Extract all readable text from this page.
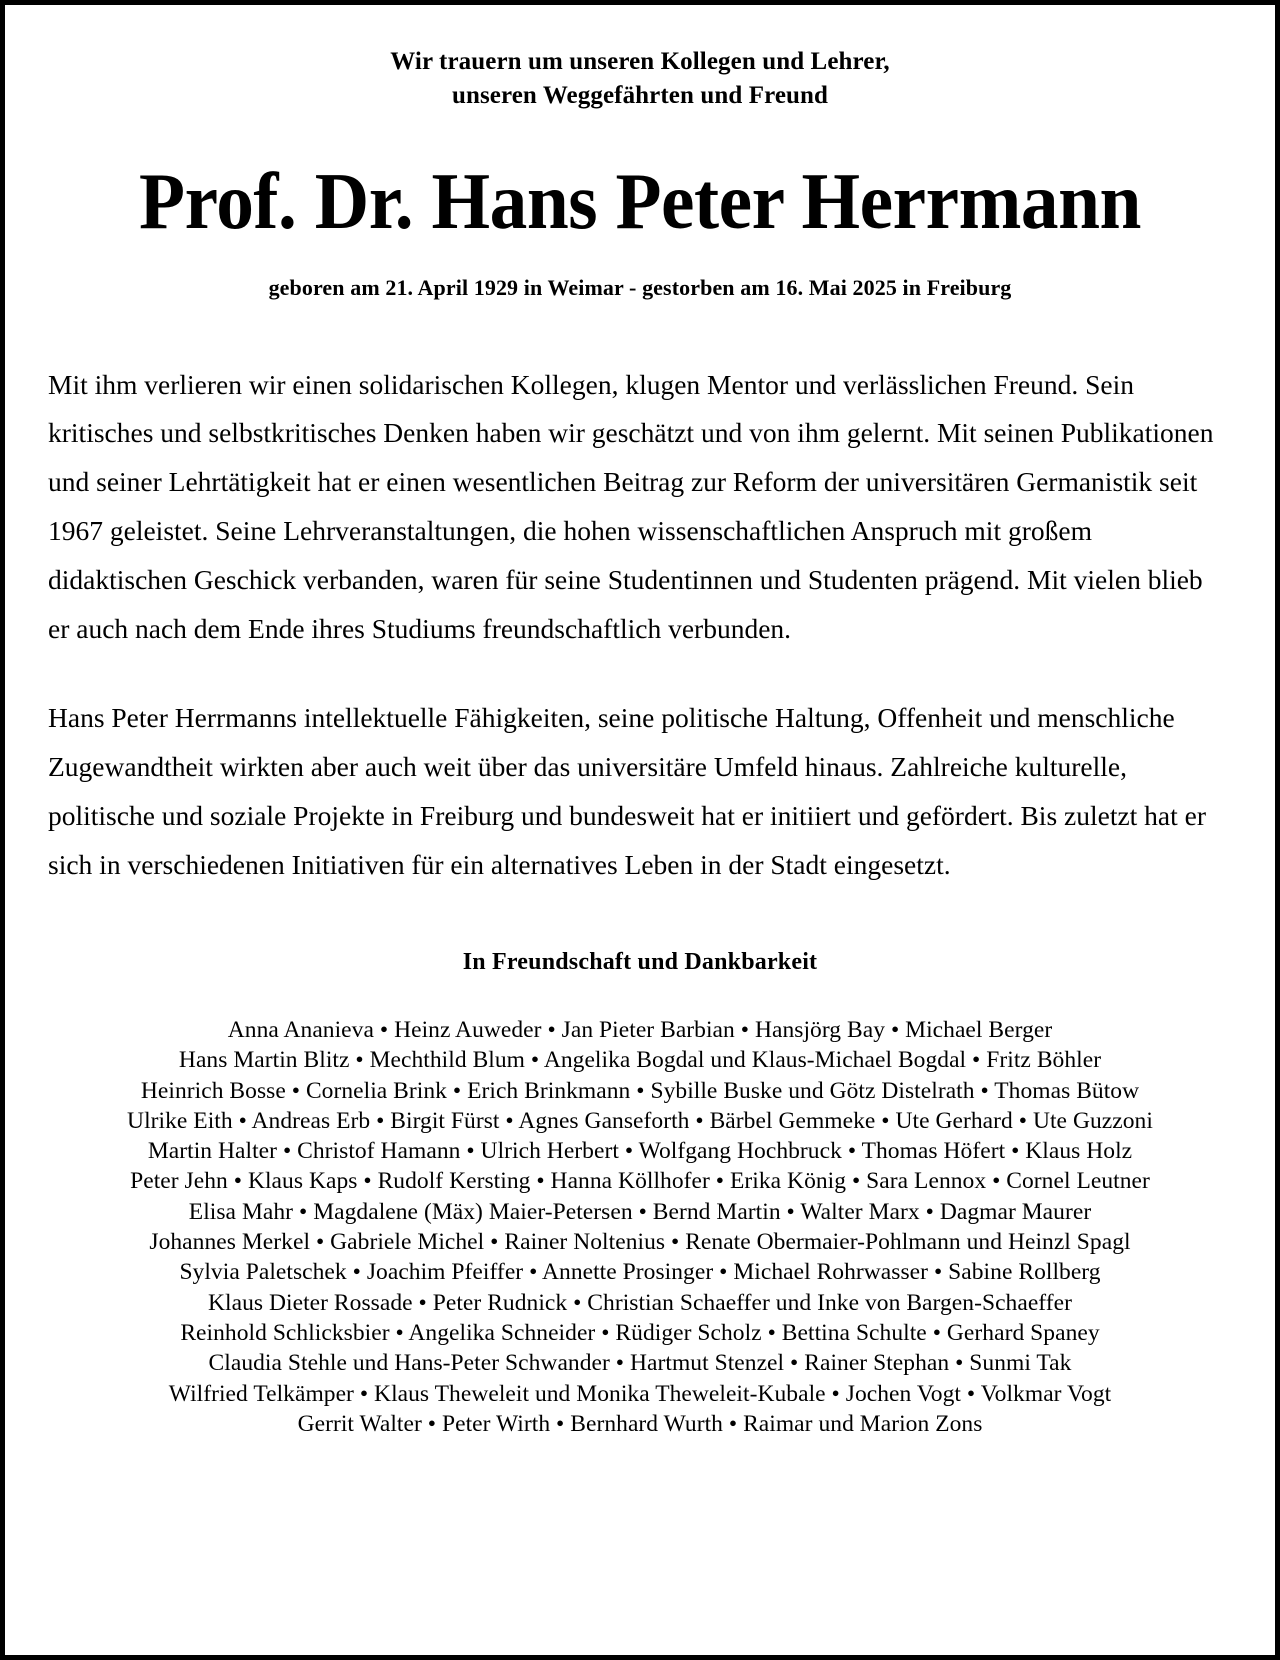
Wir trauern um unseren Kollegen und Lehrer,
unseren Weggefährten und Freund
Prof. Dr. Hans Peter Herrmann
geboren am 21. April 1929 in Weimar - gestorben am 16. Mai 2025 in Freiburg

Mit ihm verlieren wir einen solidarischen Kollegen, klugen Mentor und verlässlichen Freund. Sein kritisches und selbstkritisches Denken haben wir geschätzt und von ihm gelernt. Mit seinen Publikationen und seiner Lehrtätigkeit hat er einen wesentlichen Beitrag zur Reform der universitären Germanistik seit 1967 geleistet. Seine Lehrveranstaltungen, die hohen wissenschaftlichen Anspruch mit großem didaktischen Geschick verbanden, waren für seine Studentinnen und Studenten prägend. Mit vielen blieb er auch nach dem Ende ihres Studiums freundschaftlich verbunden.

Hans Peter Herrmanns intellektuelle Fähigkeiten, seine politische Haltung, Offenheit und menschliche Zugewandtheit wirkten aber auch weit über das universitäre Umfeld hinaus. Zahlreiche kulturelle, politische und soziale Projekte in Freiburg und bundesweit hat er initiiert und gefördert. Bis zuletzt hat er sich in verschiedenen Initiativen für ein alternatives Leben in der Stadt eingesetzt.

In Freundschaft und Dankbarkeit
Anna Ananieva • Heinz Auweder • Jan Pieter Barbian • Hansjörg Bay • Michael Berger
Hans Martin Blitz • Mechthild Blum • Angelika Bogdal und Klaus-Michael Bogdal • Fritz Böhler
Heinrich Bosse • Cornelia Brink • Erich Brinkmann • Sybille Buske und Götz Distelrath • Thomas Bütow
Ulrike Eith • Andreas Erb • Birgit Fürst • Agnes Ganseforth • Bärbel Gemmeke • Ute Gerhard • Ute Guzzoni
Martin Halter • Christof Hamann • Ulrich Herbert • Wolfgang Hochbruck • Thomas Höfert • Klaus Holz
Peter Jehn • Klaus Kaps • Rudolf Kersting • Hanna Köllhofer • Erika König • Sara Lennox • Cornel Leutner
Elisa Mahr • Magdalene (Mäx) Maier-Petersen • Bernd Martin • Walter Marx • Dagmar Maurer
Johannes Merkel • Gabriele Michel • Rainer Noltenius • Renate Obermaier-Pohlmann und Heinzl Spagl
Sylvia Paletschek • Joachim Pfeiffer • Annette Prosinger • Michael Rohrwasser • Sabine Rollberg
Klaus Dieter Rossade • Peter Rudnick • Christian Schaeffer und Inke von Bargen-Schaeffer
Reinhold Schlicksbier • Angelika Schneider • Rüdiger Scholz • Bettina Schulte • Gerhard Spaney
Claudia Stehle und Hans-Peter Schwander • Hartmut Stenzel • Rainer Stephan • Sunmi Tak
Wilfried Telkämper • Klaus Theweleit und Monika Theweleit-Kubale • Jochen Vogt • Volkmar Vogt
Gerrit Walter • Peter Wirth • Bernhard Wurth • Raimar und Marion Zons
